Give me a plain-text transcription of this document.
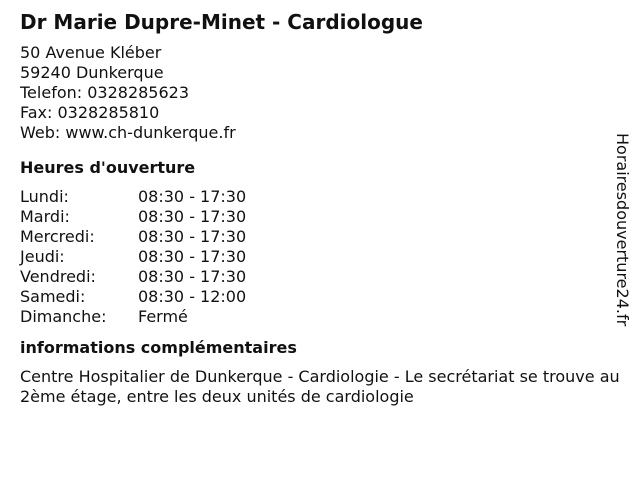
Dr Marie Dupre-Minet - Cardiologue
50 Avenue Kléber
59240 Dunkerque
Telefon: 0328285623
Fax: 0328285810
Web: www.ch-dunkerque.fr
Heures d'ouverture
Lundi:	08:30 - 17:30
Mardi:	08:30 - 17:30
Mercredi:	08:30 - 17:30
Jeudi:	08:30 - 17:30
Vendredi:	08:30 - 17:30
Samedi:	08:30 - 12:00
Dimanche:	Fermé
informations complémentaires
Centre Hospitalier de Dunkerque - Cardiologie - Le secrétariat se trouve au 2ème étage, entre les deux unités de cardiologie
Horairesdouverture24.fr
